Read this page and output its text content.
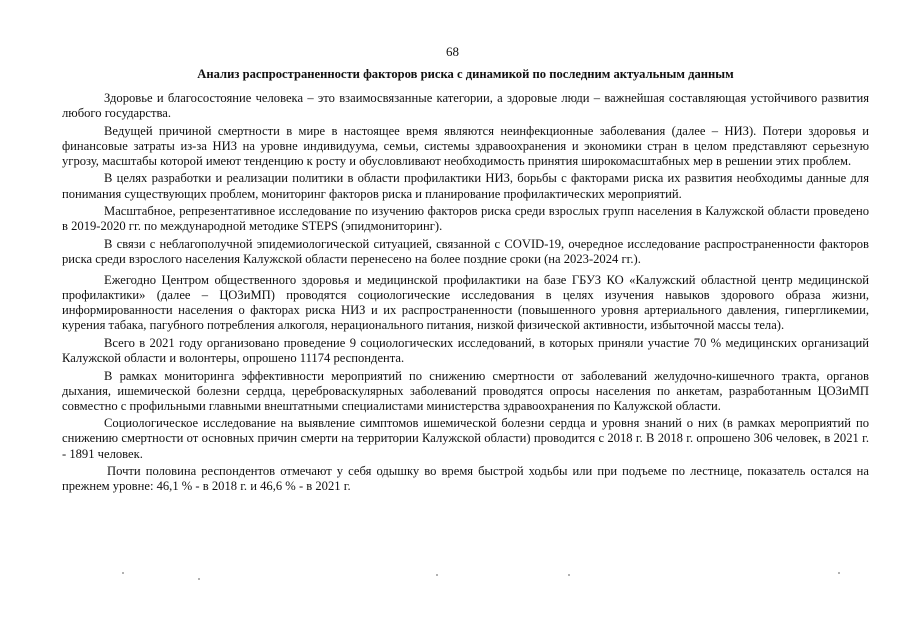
68
Анализ распространенности факторов риска с динамикой по последним актуальным данным

Здоровье и благосостояние человека – это взаимосвязанные категории, а здоровые люди – важнейшая составляющая устойчивого развития любого государства.

Ведущей причиной смертности в мире в настоящее время являются неинфекционные заболевания (далее – НИЗ). Потери здоровья и финансовые затраты из-за НИЗ на уровне индивидуума, семьи, системы здравоохранения и экономики стран в целом представляют серьезную угрозу, масштабы которой имеют тенденцию к росту и обусловливают необходимость принятия широкомасштабных мер в решении этих проблем.

В целях разработки и реализации политики в области профилактики НИЗ, борьбы с факторами риска их развития необходимы данные для понимания существующих проблем, мониторинг факторов риска и планирование профилактических мероприятий.

Масштабное, репрезентативное исследование по изучению факторов риска среди взрослых групп населения в Калужской области проведено в 2019-2020 гг. по международной методике STEPS (эпидмониторинг).

В связи с неблагополучной эпидемиологической ситуацией, связанной с COVID-19, очередное исследование распространенности факторов риска среди взрослого населения Калужской области перенесено на более поздние сроки (на 2023-2024 гг.).

Ежегодно Центром общественного здоровья и медицинской профилактики на базе ГБУЗ КО «Калужский областной центр медицинской профилактики» (далее – ЦОЗиМП) проводятся социологические исследования в целях изучения навыков здорового образа жизни, информированности населения о факторах риска НИЗ и их распространенности (повышенного уровня артериального давления, гипергликемии, курения табака, пагубного потребления алкоголя, нерационального питания, низкой физической активности, избыточной массы тела).

Всего в 2021 году организовано проведение 9 социологических исследований, в которых приняли участие 70 % медицинских организаций Калужской области и волонтеры, опрошено 11174 респондента.

В рамках мониторинга эффективности мероприятий по снижению смертности от заболеваний желудочно-кишечного тракта, органов дыхания, ишемической болезни сердца, цереброваскулярных заболеваний проводятся опросы населения по анкетам, разработанным ЦОЗиМП совместно с профильными главными внештатными специалистами министерства здравоохранения по Калужской области.

Социологическое исследование на выявление симптомов ишемической болезни сердца и уровня знаний о них (в рамках мероприятий по снижению смертности от основных причин смерти на территории Калужской области) проводится с 2018 г. В 2018 г. опрошено 306 человек, в 2021 г. - 1891 человек.

Почти половина респондентов отмечают у себя одышку во время быстрой ходьбы или при подъеме по лестнице, показатель остался на прежнем уровне: 46,1 % - в 2018 г. и 46,6 % - в 2021 г.
